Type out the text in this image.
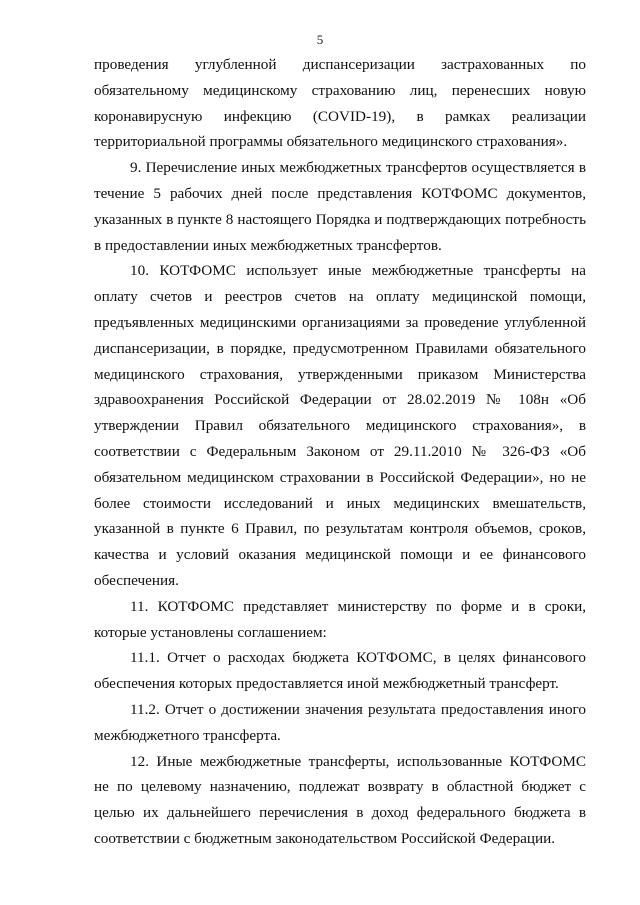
5

проведения углубленной диспансеризации застрахованных по обязательному медицинскому страхованию лиц, перенесших новую коронавирусную инфекцию (COVID-19), в рамках реализации территориальной программы обязательного медицинского страхования».

9. Перечисление иных межбюджетных трансфертов осуществляется в течение 5 рабочих дней после представления КОТФОМС документов, указанных в пункте 8 настоящего Порядка и подтверждающих потребность в предоставлении иных межбюджетных трансфертов.

10. КОТФОМС использует иные межбюджетные трансферты на оплату счетов и реестров счетов на оплату медицинской помощи, предъявленных медицинскими организациями за проведение углубленной диспансеризации, в порядке, предусмотренном Правилами обязательного медицинского страхования, утвержденными приказом Министерства здравоохранения Российской Федерации от 28.02.2019 № 108н «Об утверждении Правил обязательного медицинского страхования», в соответствии с Федеральным Законом от 29.11.2010 № 326-ФЗ «Об обязательном медицинском страховании в Российской Федерации», но не более стоимости исследований и иных медицинских вмешательств, указанной в пункте 6 Правил, по результатам контроля объемов, сроков, качества и условий оказания медицинской помощи и ее финансового обеспечения.

11. КОТФОМС представляет министерству по форме и в сроки, которые установлены соглашением:

11.1. Отчет о расходах бюджета КОТФОМС, в целях финансового обеспечения которых предоставляется иной межбюджетный трансферт.

11.2. Отчет о достижении значения результата предоставления иного межбюджетного трансферта.

12. Иные межбюджетные трансферты, использованные КОТФОМС не по целевому назначению, подлежат возврату в областной бюджет с целью их дальнейшего перечисления в доход федерального бюджета в соответствии с бюджетным законодательством Российской Федерации.
